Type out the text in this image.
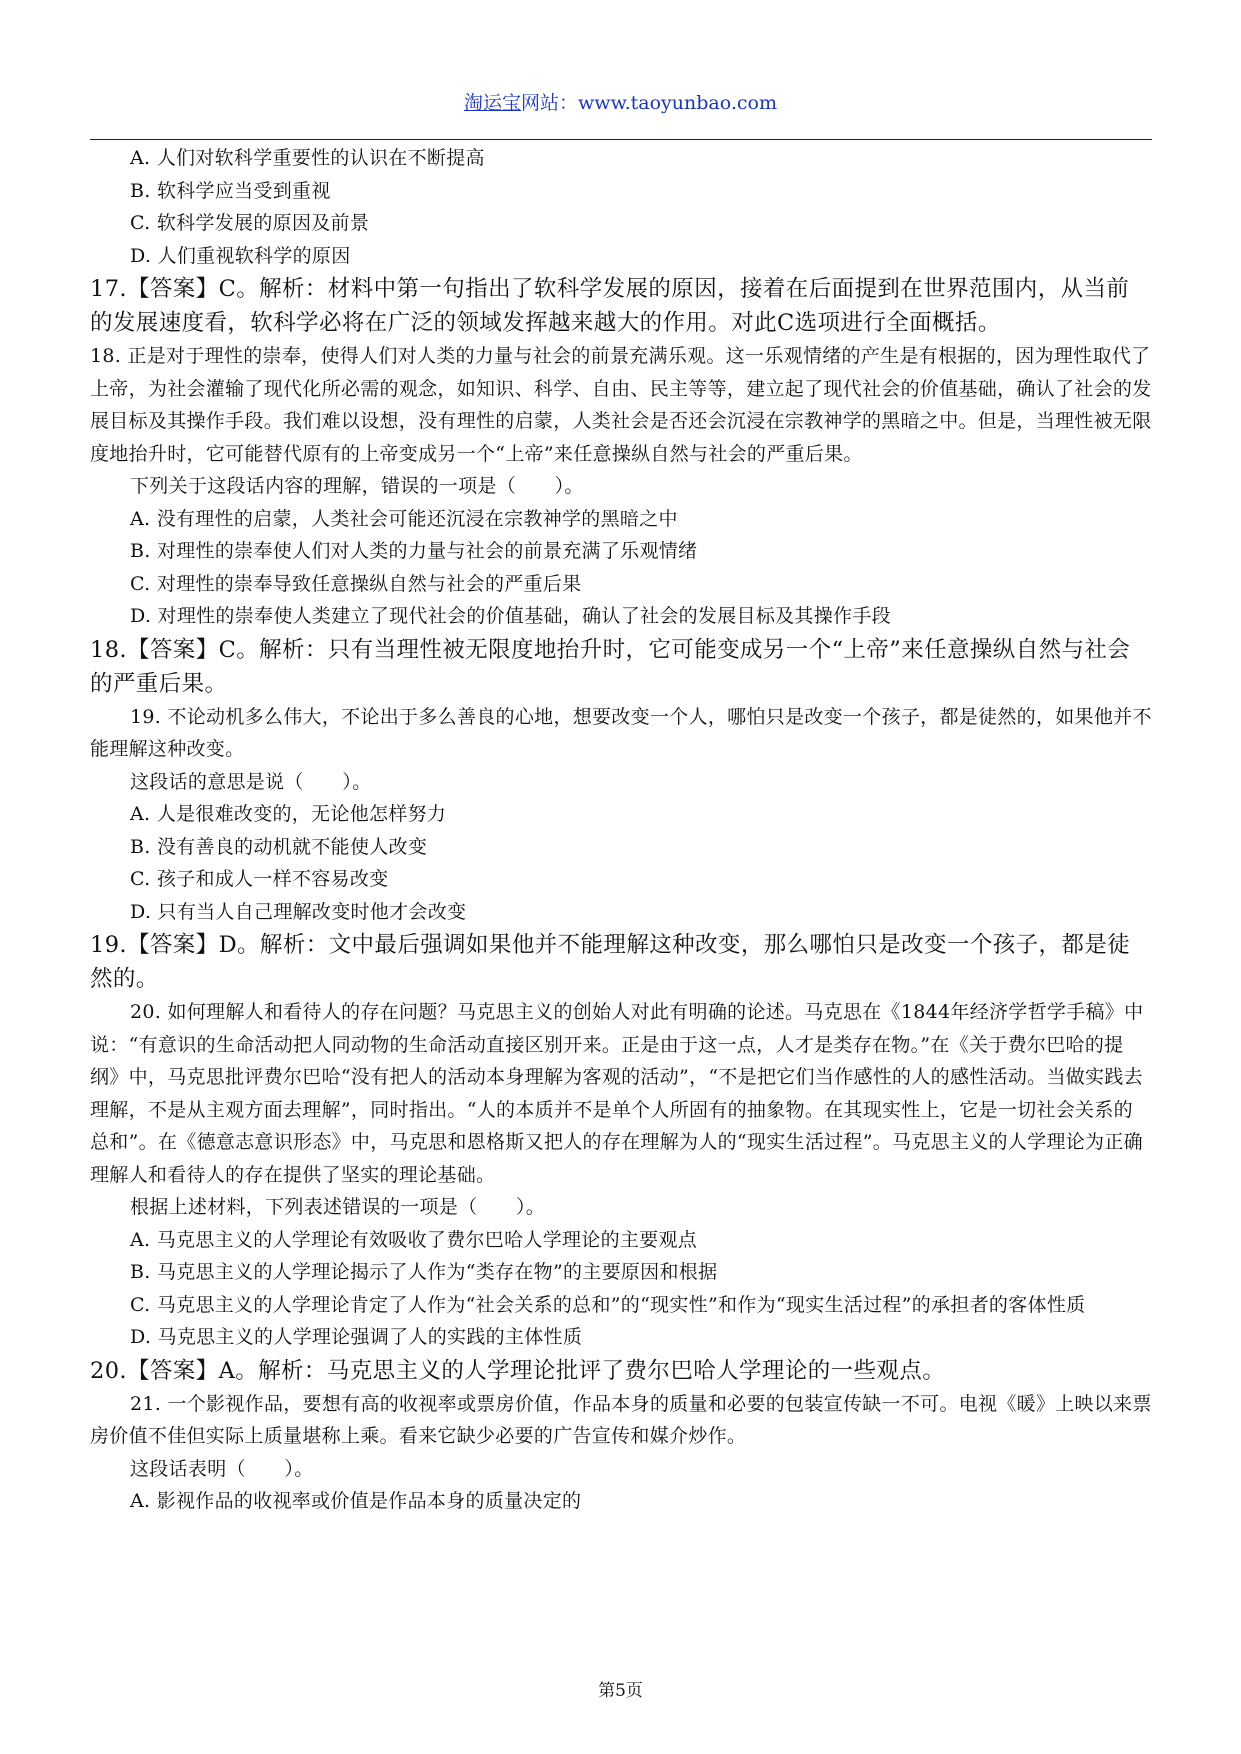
淘运宝网站：www.taoyunbao.com

A. 人们对软科学重要性的认识在不断提高

B. 软科学应当受到重视

C. 软科学发展的原因及前景

D. 人们重视软科学的原因

17.【答案】C。解析：材料中第一句指出了软科学发展的原因，接着在后面提到在世界范围内，从当前的发展速度看，软科学必将在广泛的领域发挥越来越大的作用。对此C选项进行全面概括。

18. 正是对于理性的崇奉，使得人们对人类的力量与社会的前景充满乐观。这一乐观情绪的产生是有根据的，因为理性取代了上帝，为社会灌输了现代化所必需的观念，如知识、科学、自由、民主等等，建立起了现代社会的价值基础，确认了社会的发展目标及其操作手段。我们难以设想，没有理性的启蒙，人类社会是否还会沉浸在宗教神学的黑暗之中。但是，当理性被无限度地抬升时，它可能替代原有的上帝变成另一个“上帝”来任意操纵自然与社会的严重后果。

下列关于这段话内容的理解，错误的一项是（　　）。

A. 没有理性的启蒙，人类社会可能还沉浸在宗教神学的黑暗之中

B. 对理性的崇奉使人们对人类的力量与社会的前景充满了乐观情绪

C. 对理性的崇奉导致任意操纵自然与社会的严重后果

D. 对理性的崇奉使人类建立了现代社会的价值基础，确认了社会的发展目标及其操作手段

18.【答案】C。解析：只有当理性被无限度地抬升时，它可能变成另一个“上帝”来任意操纵自然与社会的严重后果。

19. 不论动机多么伟大，不论出于多么善良的心地，想要改变一个人，哪怕只是改变一个孩子，都是徒然的，如果他并不能理解这种改变。

这段话的意思是说（　　）。

A. 人是很难改变的，无论他怎样努力

B. 没有善良的动机就不能使人改变

C. 孩子和成人一样不容易改变

D. 只有当人自己理解改变时他才会改变

19.【答案】D。解析：文中最后强调如果他并不能理解这种改变，那么哪怕只是改变一个孩子，都是徒然的。

20. 如何理解人和看待人的存在问题？马克思主义的创始人对此有明确的论述。马克思在《1844年经济学哲学手稿》中说：“有意识的生命活动把人同动物的生命活动直接区别开来。正是由于这一点，人才是类存在物。”在《关于费尔巴哈的提纲》中，马克思批评费尔巴哈“没有把人的活动本身理解为客观的活动”，“不是把它们当作感性的人的感性活动。当做实践去理解，不是从主观方面去理解”，同时指出。“人的本质并不是单个人所固有的抽象物。在其现实性上，它是一切社会关系的总和”。在《德意志意识形态》中，马克思和恩格斯又把人的存在理解为人的“现实生活过程”。马克思主义的人学理论为正确理解人和看待人的存在提供了坚实的理论基础。

根据上述材料，下列表述错误的一项是（　　）。

A. 马克思主义的人学理论有效吸收了费尔巴哈人学理论的主要观点

B. 马克思主义的人学理论揭示了人作为“类存在物”的主要原因和根据

C. 马克思主义的人学理论肯定了人作为“社会关系的总和”的“现实性”和作为“现实生活过程”的承担者的客体性质

D. 马克思主义的人学理论强调了人的实践的主体性质

20.【答案】A。解析：马克思主义的人学理论批评了费尔巴哈人学理论的一些观点。

21. 一个影视作品，要想有高的收视率或票房价值，作品本身的质量和必要的包装宣传缺一不可。电视《暖》上映以来票房价值不佳但实际上质量堪称上乘。看来它缺少必要的广告宣传和媒介炒作。

这段话表明（　　）。

A. 影视作品的收视率或价值是作品本身的质量决定的

第5页
